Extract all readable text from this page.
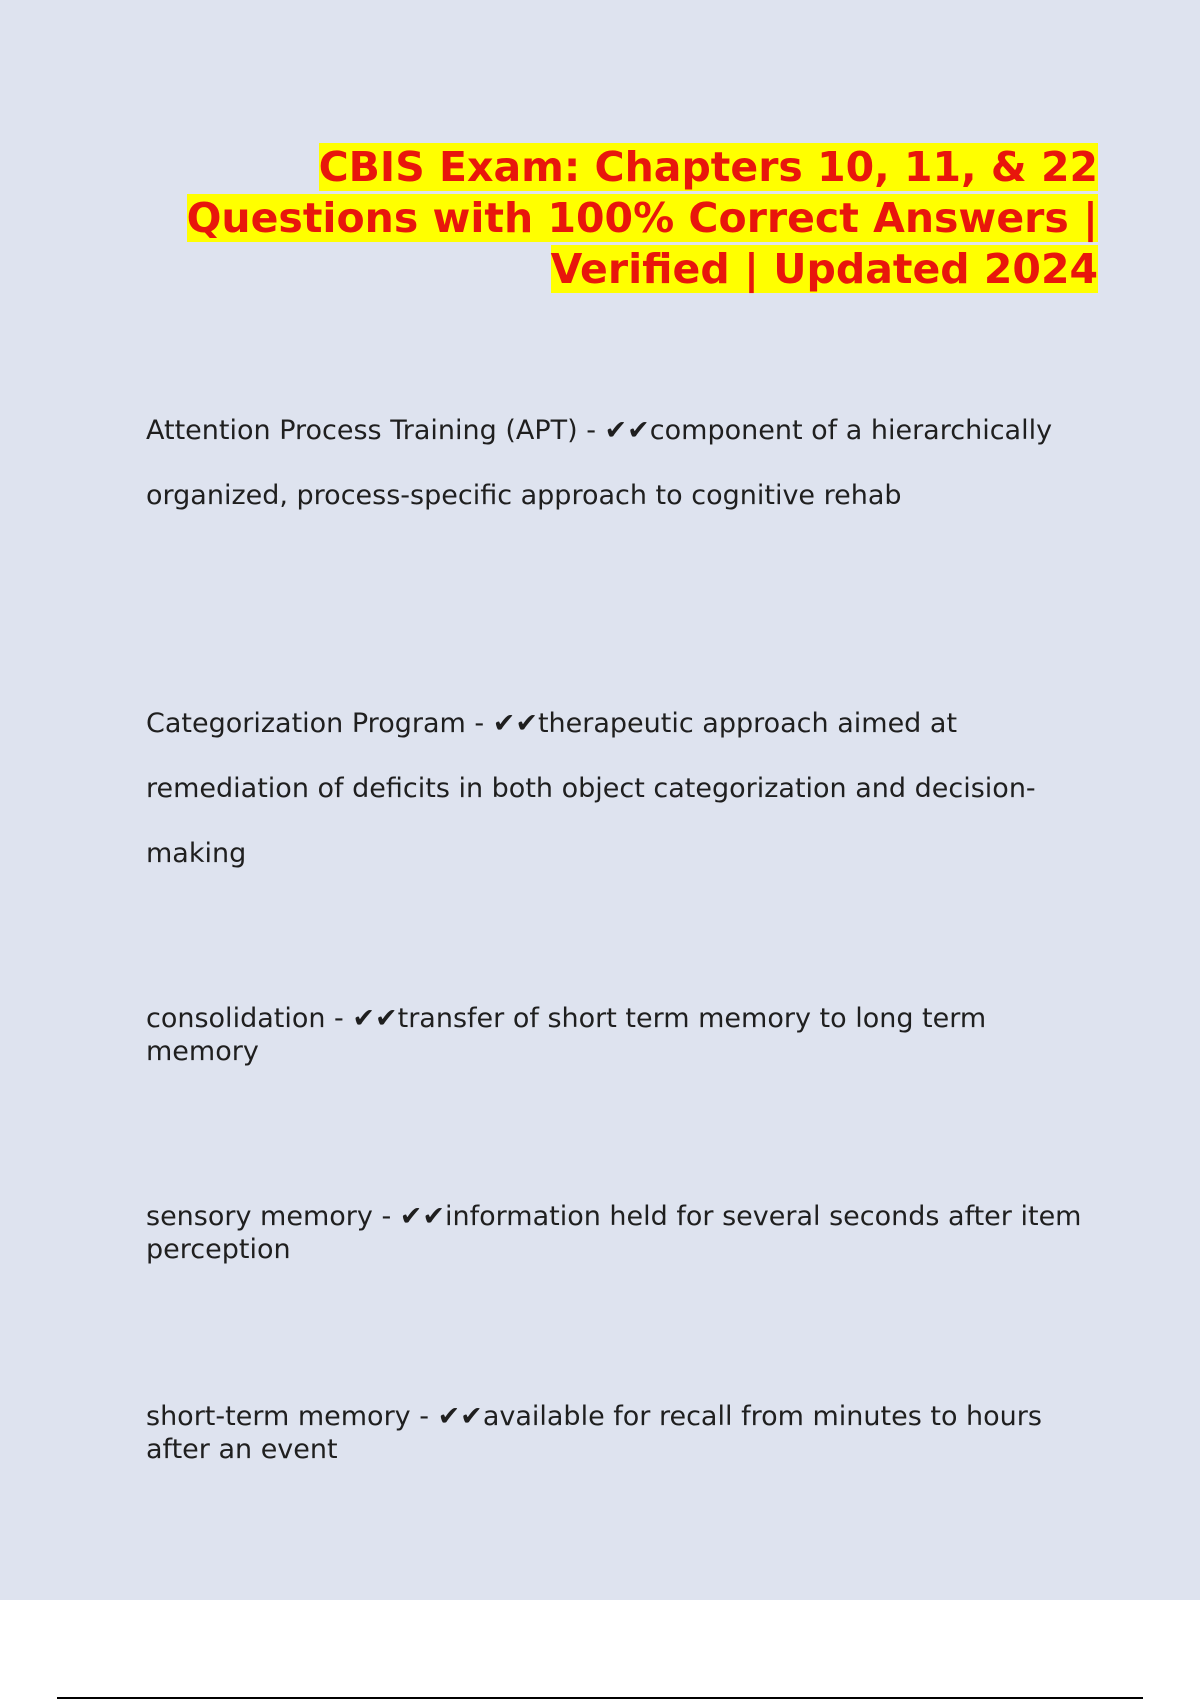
CBIS Exam: Chapters 10, 11, & 22 Questions with 100% Correct Answers | Verified | Updated 2024

Attention Process Training (APT) - ✔✔component of a hierarchically organized, process-specific approach to cognitive rehab

Categorization Program - ✔✔therapeutic approach aimed at remediation of deficits in both object categorization and decision-making

consolidation - ✔✔transfer of short term memory to long term memory

sensory memory - ✔✔information held for several seconds after item perception

short-term memory - ✔✔available for recall from minutes to hours after an event
